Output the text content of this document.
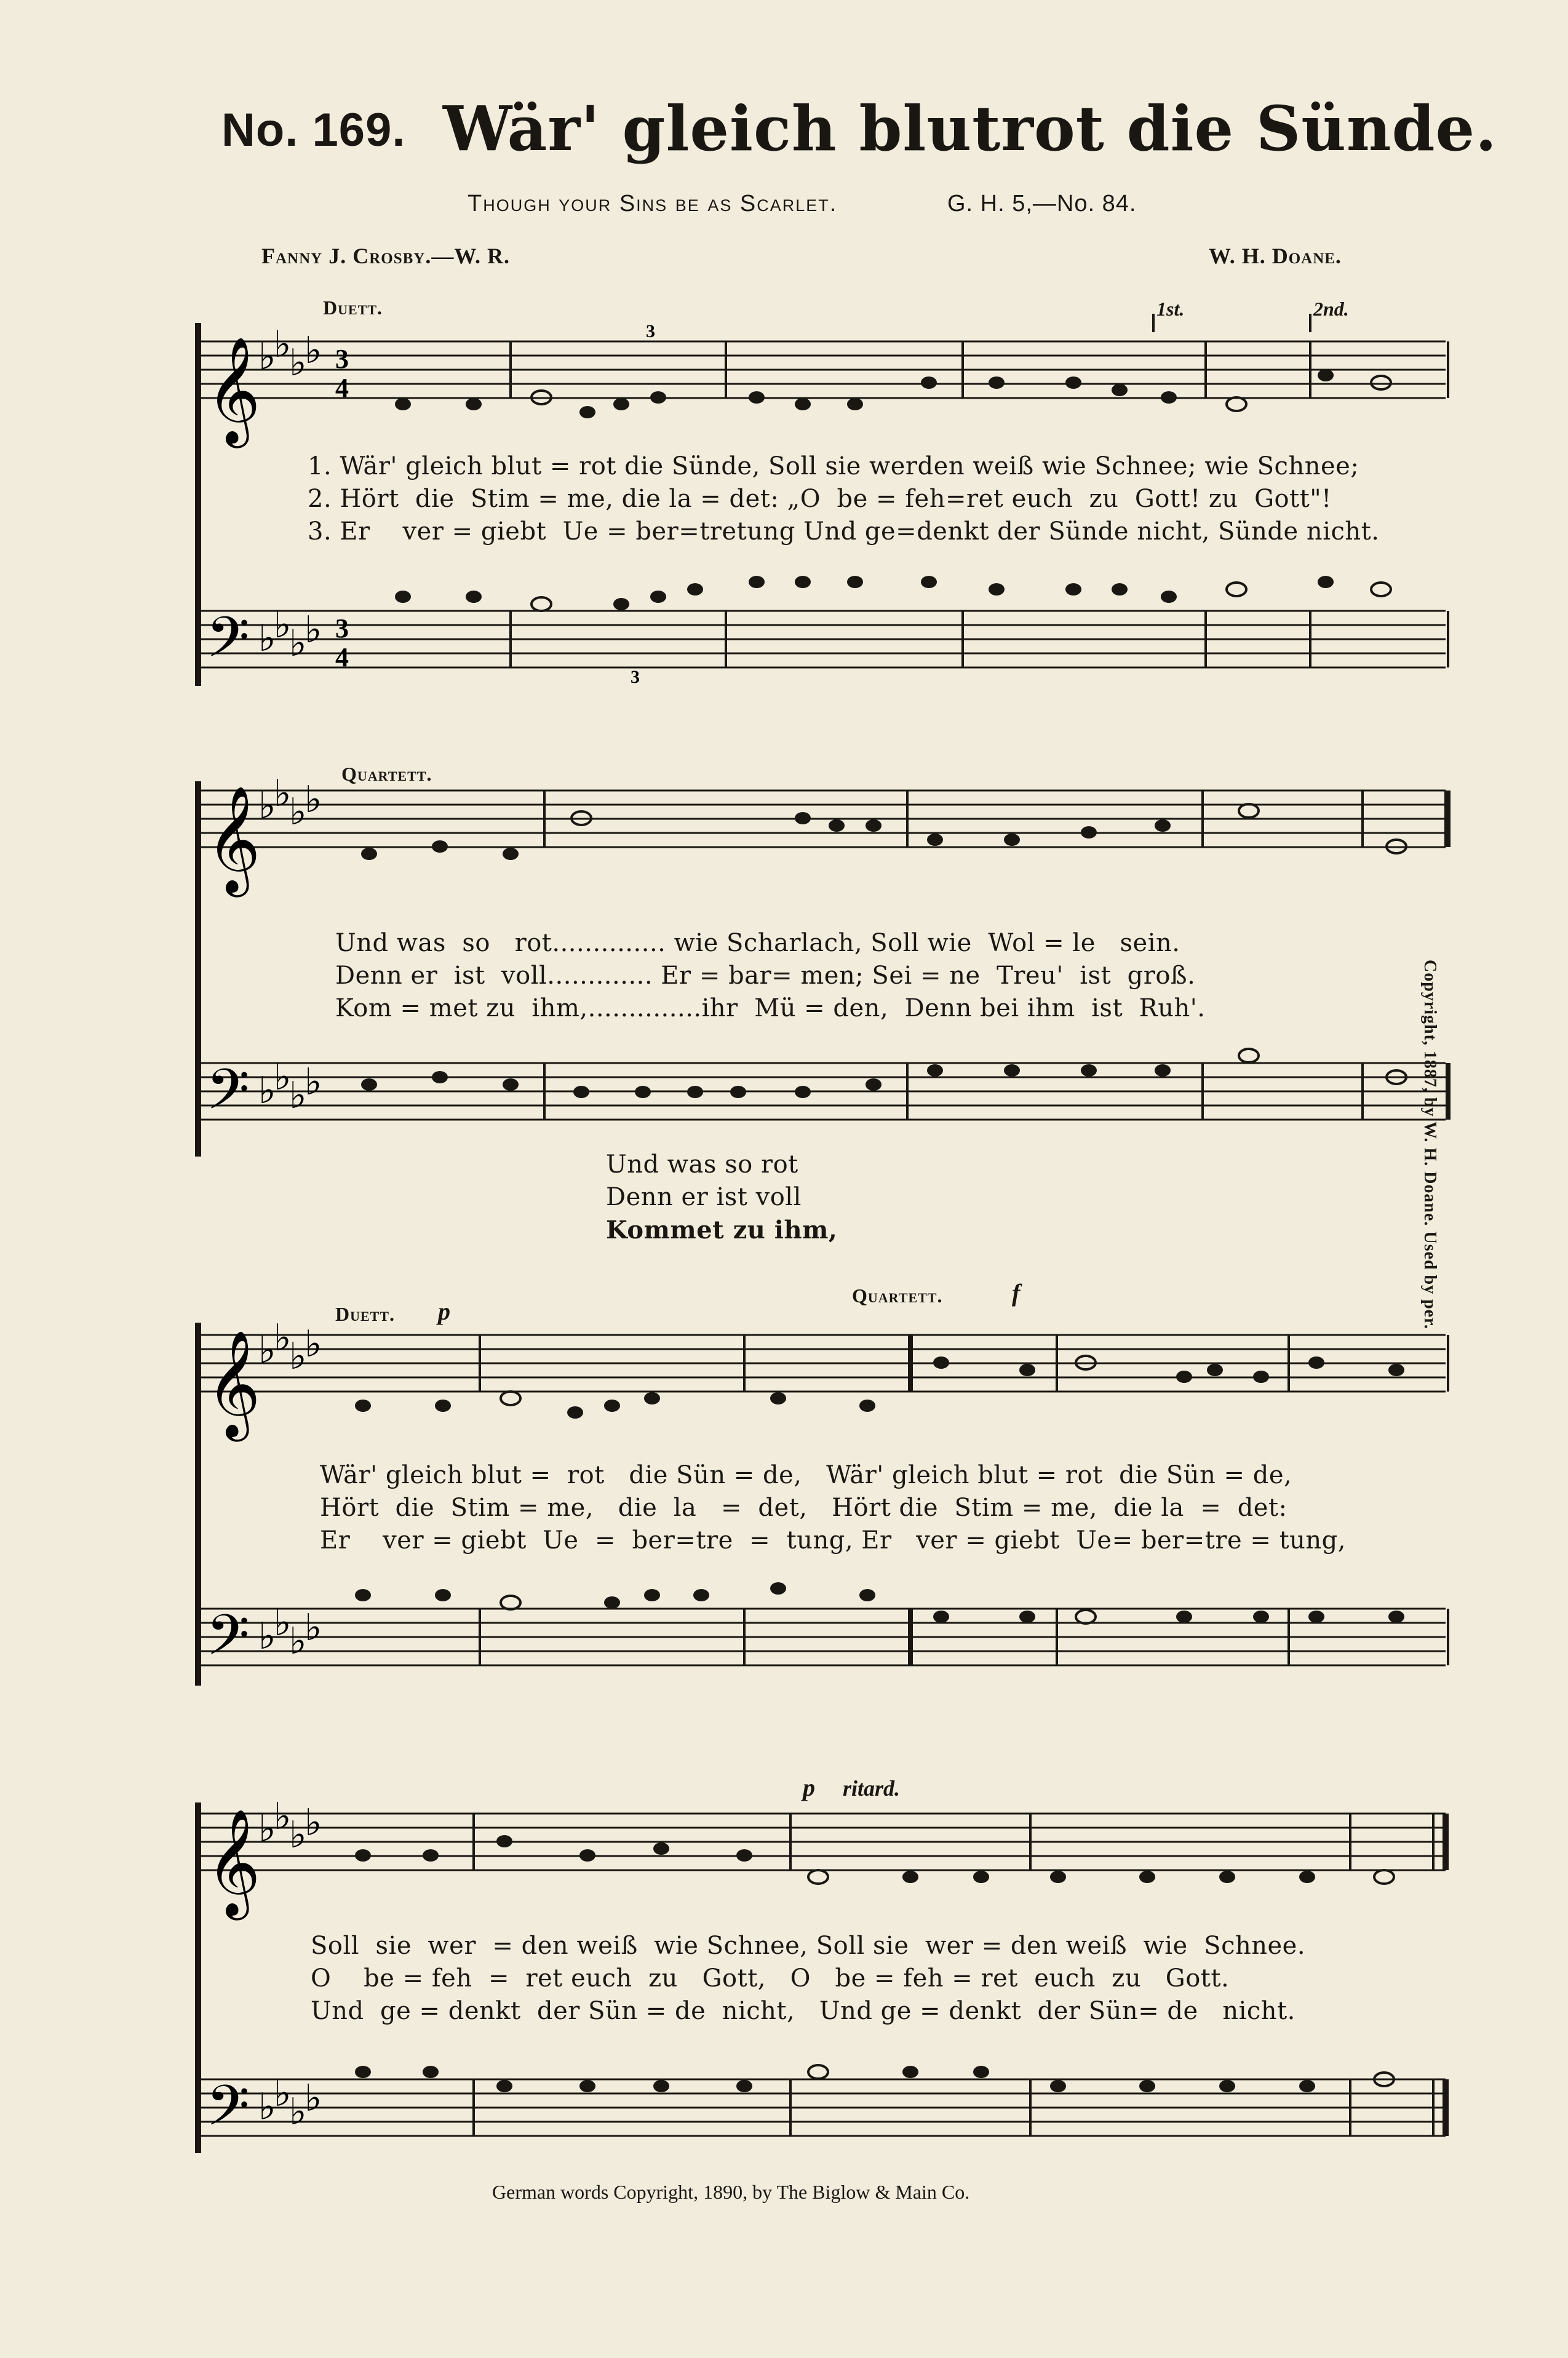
No. 169. Wär' gleich blutrot die Sünde.
Though your Sins be as Scarlet.	G. H. 5,—No. 84.
Fanny J. Crosby.—W. R.	W. H. Doane.
Duett.	1st.	2nd.
Quartett.
Duett. p
Quartett.	f
p ritard.
𝄞
𝄢
♭
♭
♭
♭
♭
♭
♭
♭
3
4
3
4
3
3
𝄞
𝄢
♭
♭
♭
♭
♭
♭
♭
♭
𝄞
𝄢
♭
♭
♭
♭
♭
♭
♭
♭
𝄞
𝄢
♭
♭
♭
♭
♭
♭
♭
♭
1. Wär' gleich blut = rot die Sünde, Soll sie werden weiß wie Schnee; wie Schnee;
2. Hört  die  Stim = me, die la = det: „O  be = feh=ret euch  zu  Gott! zu  Gott"!
3. Er    ver = giebt  Ue = ber=tretung Und ge=denkt der Sünde nicht, Sünde nicht.
Und was  so   rot.............. wie Scharlach, Soll wie  Wol = le   sein.
Denn er  ist  voll............. Er = bar= men; Sei = ne  Treu'  ist  groß.
Kom = met zu  ihm,..............ihr  Mü = den,  Denn bei ihm  ist  Ruh'.
Und was so rot
Denn er ist voll
Kommet zu ihm,
Wär' gleich blut =  rot   die Sün = de,   Wär' gleich blut = rot  die Sün = de,
Hört  die  Stim = me,   die  la   =  det,   Hört die  Stim = me,  die la  =  det:
Er    ver = giebt  Ue  =  ber=tre  =  tung, Er   ver = giebt  Ue= ber=tre = tung,
Soll  sie  wer  = den weiß  wie Schnee, Soll sie  wer = den weiß  wie  Schnee.
O    be = feh  =  ret euch  zu   Gott,   O   be = feh = ret  euch  zu   Gott.
Und  ge = denkt  der Sün = de  nicht,   Und ge = denkt  der Sün= de   nicht.
Copyright, 1887, by W. H. Doane. Used by per.
German words Copyright, 1890, by The Biglow & Main Co.
